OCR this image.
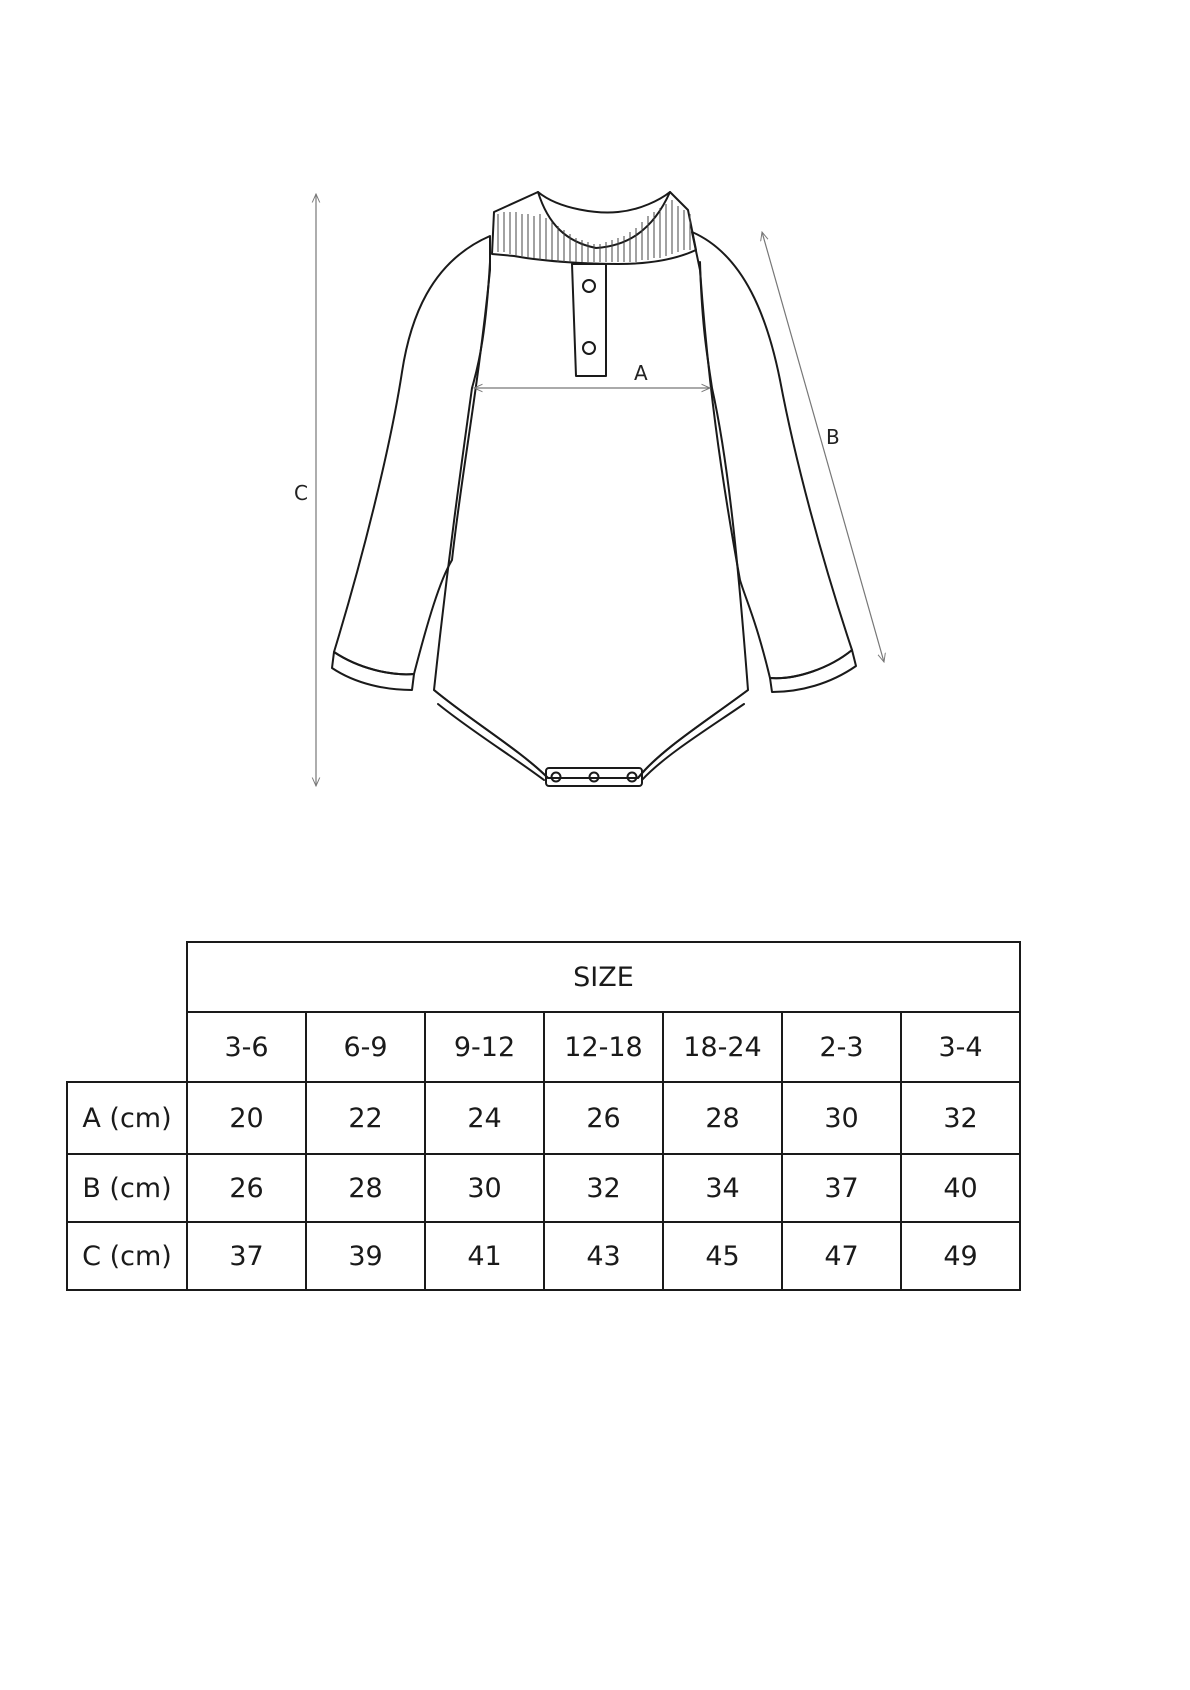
A
B
C
	SIZE						
	3-6	6-9	9-12	12-18	18-24	2-3	3-4
A (cm)	20	22	24	26	28	30	32
B (cm)	26	28	30	32	34	37	40
C (cm)	37	39	41	43	45	47	49
